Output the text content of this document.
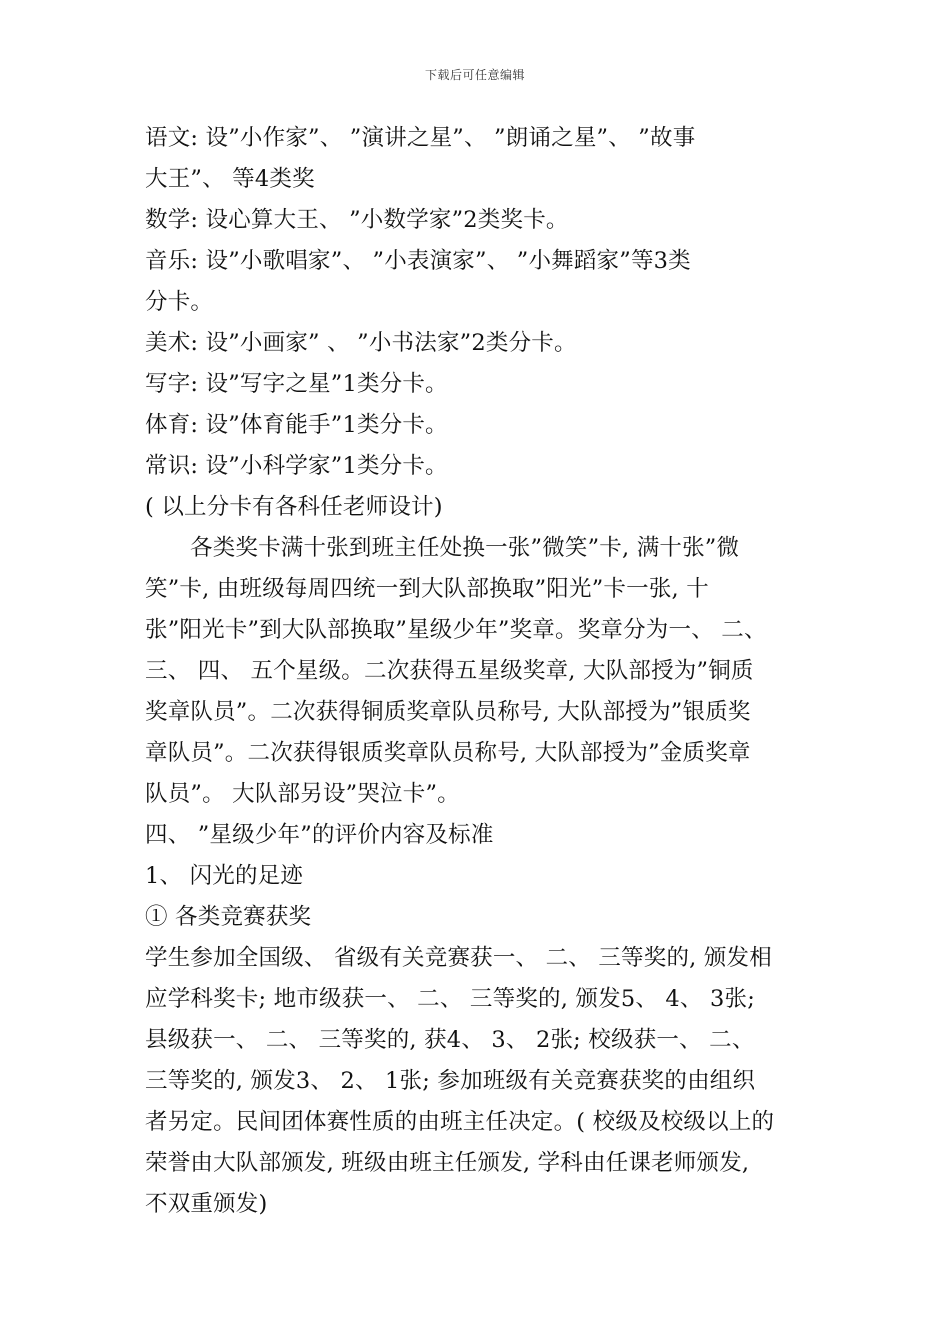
下载后可任意编辑
语文: 设”小作家”、 ”演讲之星”、 ”朗诵之星”、 ”故事
大王”、 等4类奖
数学: 设心算大王、 ”小数学家”2类奖卡。
音乐: 设”小歌唱家”、 ”小表演家”、 ”小舞蹈家”等3类
分卡。
美术: 设”小画家” 、 ”小书法家”2类分卡。
写字: 设”写字之星”1类分卡。
体育: 设”体育能手”1类分卡。
常识: 设”小科学家”1类分卡。
( 以上分卡有各科任老师设计)
各类奖卡满十张到班主任处换一张”微笑”卡, 满十张”微
笑”卡, 由班级每周四统一到大队部换取”阳光”卡一张, 十
张”阳光卡”到大队部换取”星级少年”奖章。奖章分为一、 二、
三、 四、 五个星级。二次获得五星级奖章, 大队部授为”铜质
奖章队员”。二次获得铜质奖章队员称号, 大队部授为”银质奖
章队员”。二次获得银质奖章队员称号, 大队部授为”金质奖章
队员”。 大队部另设”哭泣卡”。
四、 ”星级少年”的评价内容及标准
1、 闪光的足迹
① 各类竞赛获奖
学生参加全国级、 省级有关竞赛获一、 二、 三等奖的, 颁发相
应学科奖卡; 地市级获一、 二、 三等奖的, 颁发5、 4、 3张;
县级获一、 二、 三等奖的, 获4、 3、 2张; 校级获一、 二、
三等奖的, 颁发3、 2、 1张; 参加班级有关竞赛获奖的由组织
者另定。民间团体赛性质的由班主任决定。( 校级及校级以上的
荣誉由大队部颁发, 班级由班主任颁发, 学科由任课老师颁发,
不双重颁发)
